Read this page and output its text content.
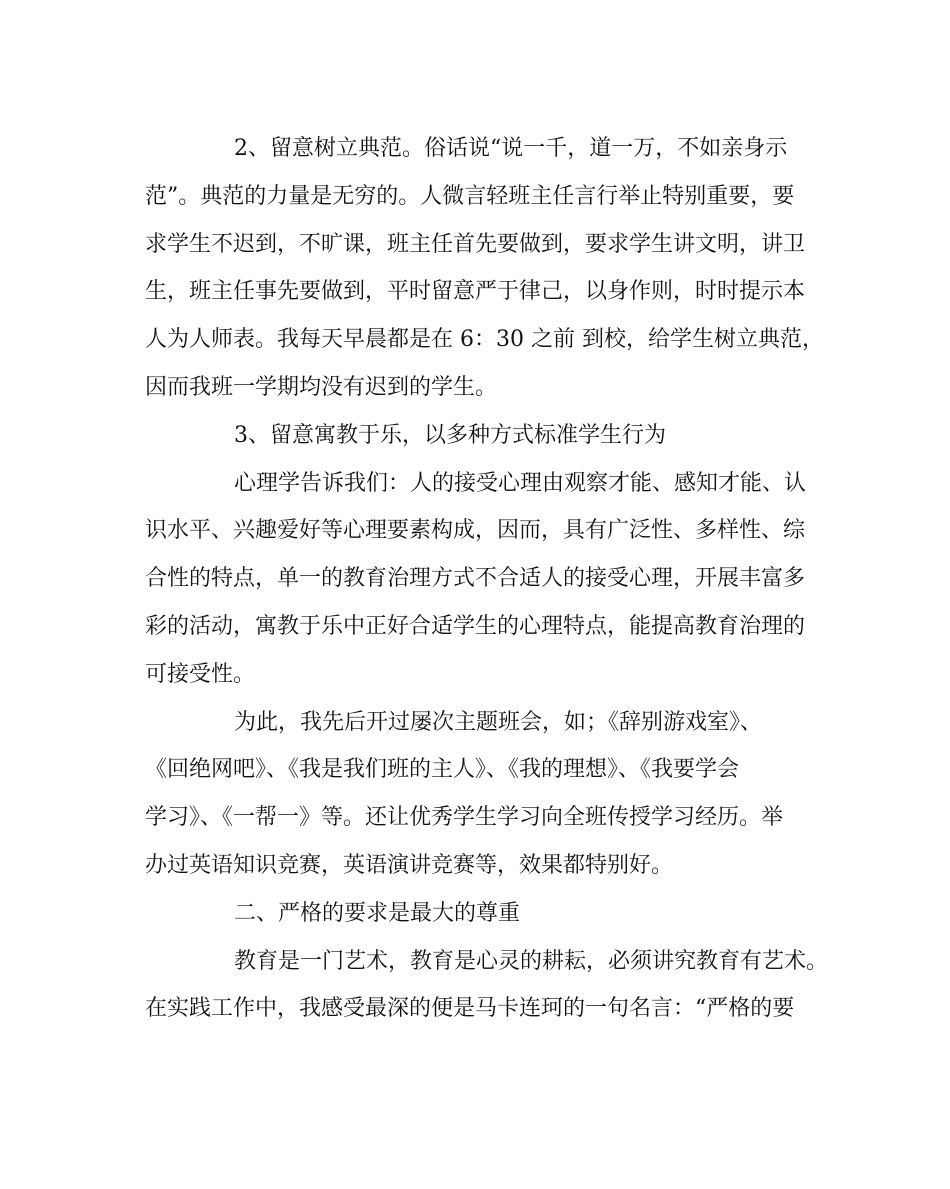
2、留意树立典范。俗话说“说一千，道一万，不如亲身示
范”。典范的力量是无穷的。人微言轻班主任言行举止特别重要，要
求学生不迟到，不旷课，班主任首先要做到，要求学生讲文明，讲卫
生，班主任事先要做到，平时留意严于律己，以身作则，时时提示本
人为人师表。我每天早晨都是在 6：30 之前 到校，给学生树立典范，
因而我班一学期均没有迟到的学生。
3、留意寓教于乐，以多种方式标准学生行为
心理学告诉我们：人的接受心理由观察才能、感知才能、认
识水平、兴趣爱好等心理要素构成，因而，具有广泛性、多样性、综
合性的特点，单一的教育治理方式不合适人的接受心理，开展丰富多
彩的活动，寓教于乐中正好合适学生的心理特点，能提高教育治理的
可接受性。
为此，我先后开过屡次主题班会，如；《辞别游戏室》、
《回绝网吧》、《我是我们班的主人》、《我的理想》、《我要学会
学习》、《一帮一》等。还让优秀学生学习向全班传授学习经历。举
办过英语知识竞赛，英语演讲竞赛等，效果都特别好。
二、严格的要求是最大的尊重
教育是一门艺术，教育是心灵的耕耘，必须讲究教育有艺术。
在实践工作中，我感受最深的便是马卡连珂的一句名言：“严格的要
